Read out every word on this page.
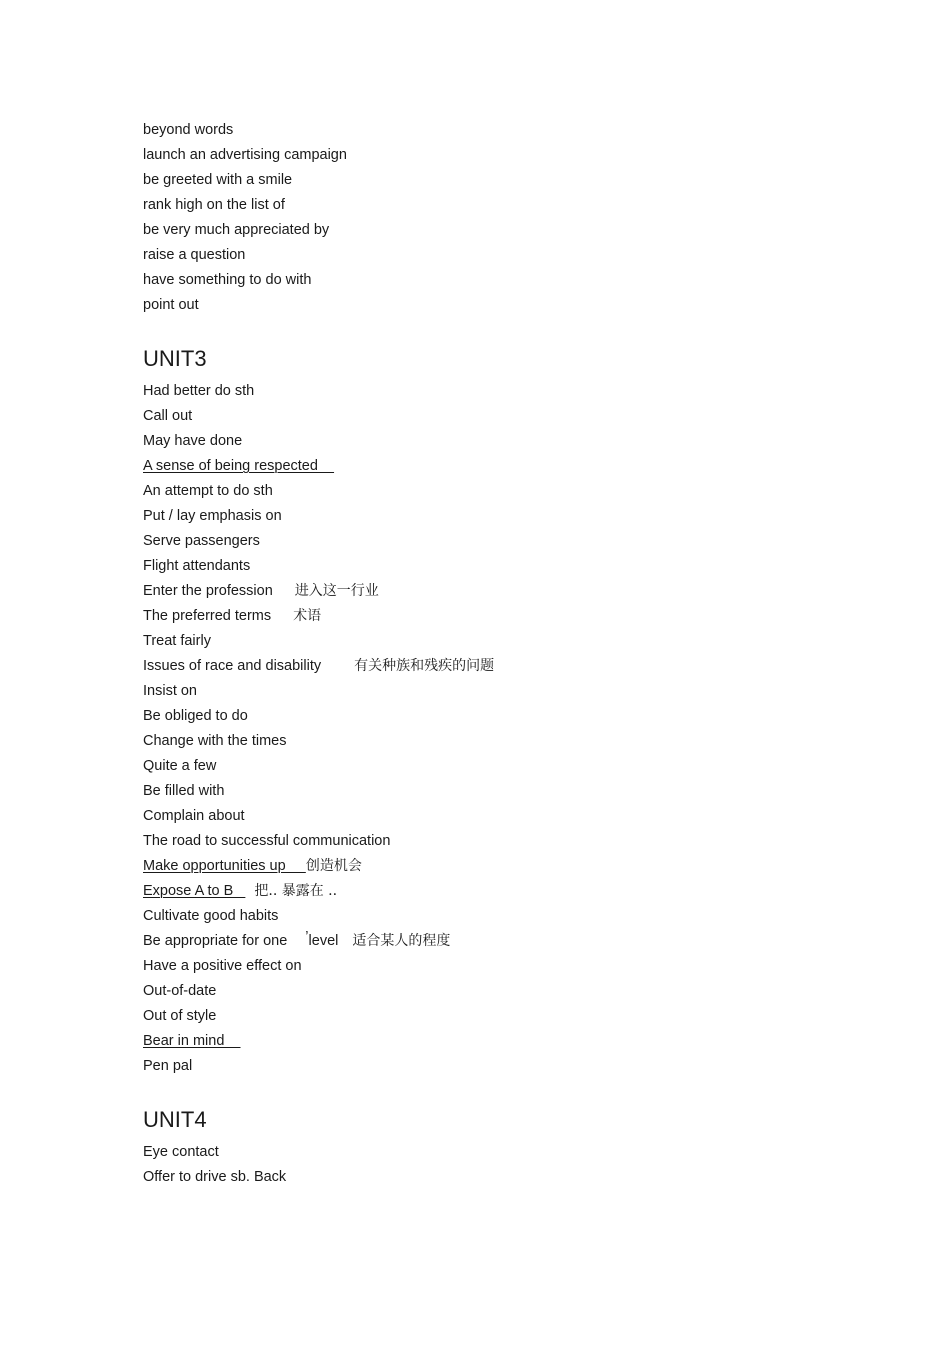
beyond words
launch an advertising campaign
be greeted with a smile
rank high on the list of
be very much appreciated by
raise a question
have something to do with
point out
UNIT3
Had better do sth
Call out
May have done
A sense of being respected
An attempt to do sth
Put / lay emphasis on
Serve passengers
Flight attendants
Enter the profession 进入这一行业
The preferred terms 术语
Treat fairly
Issues of race and disability 有关种族和残疾的问题
Insist on
Be obliged to do
Change with the times
Quite a few
Be filled with
Complain about
The road to successful communication
Make opportunities up     创造机会
Expose A to B   把.. 暴露在 ..
Cultivate good habits
Be appropriate for one ’level 适合某人的程度
Have a positive effect on
Out-of-date
Out of style
Bear in mind
Pen pal
UNIT4
Eye contact
Offer to drive sb. Back
